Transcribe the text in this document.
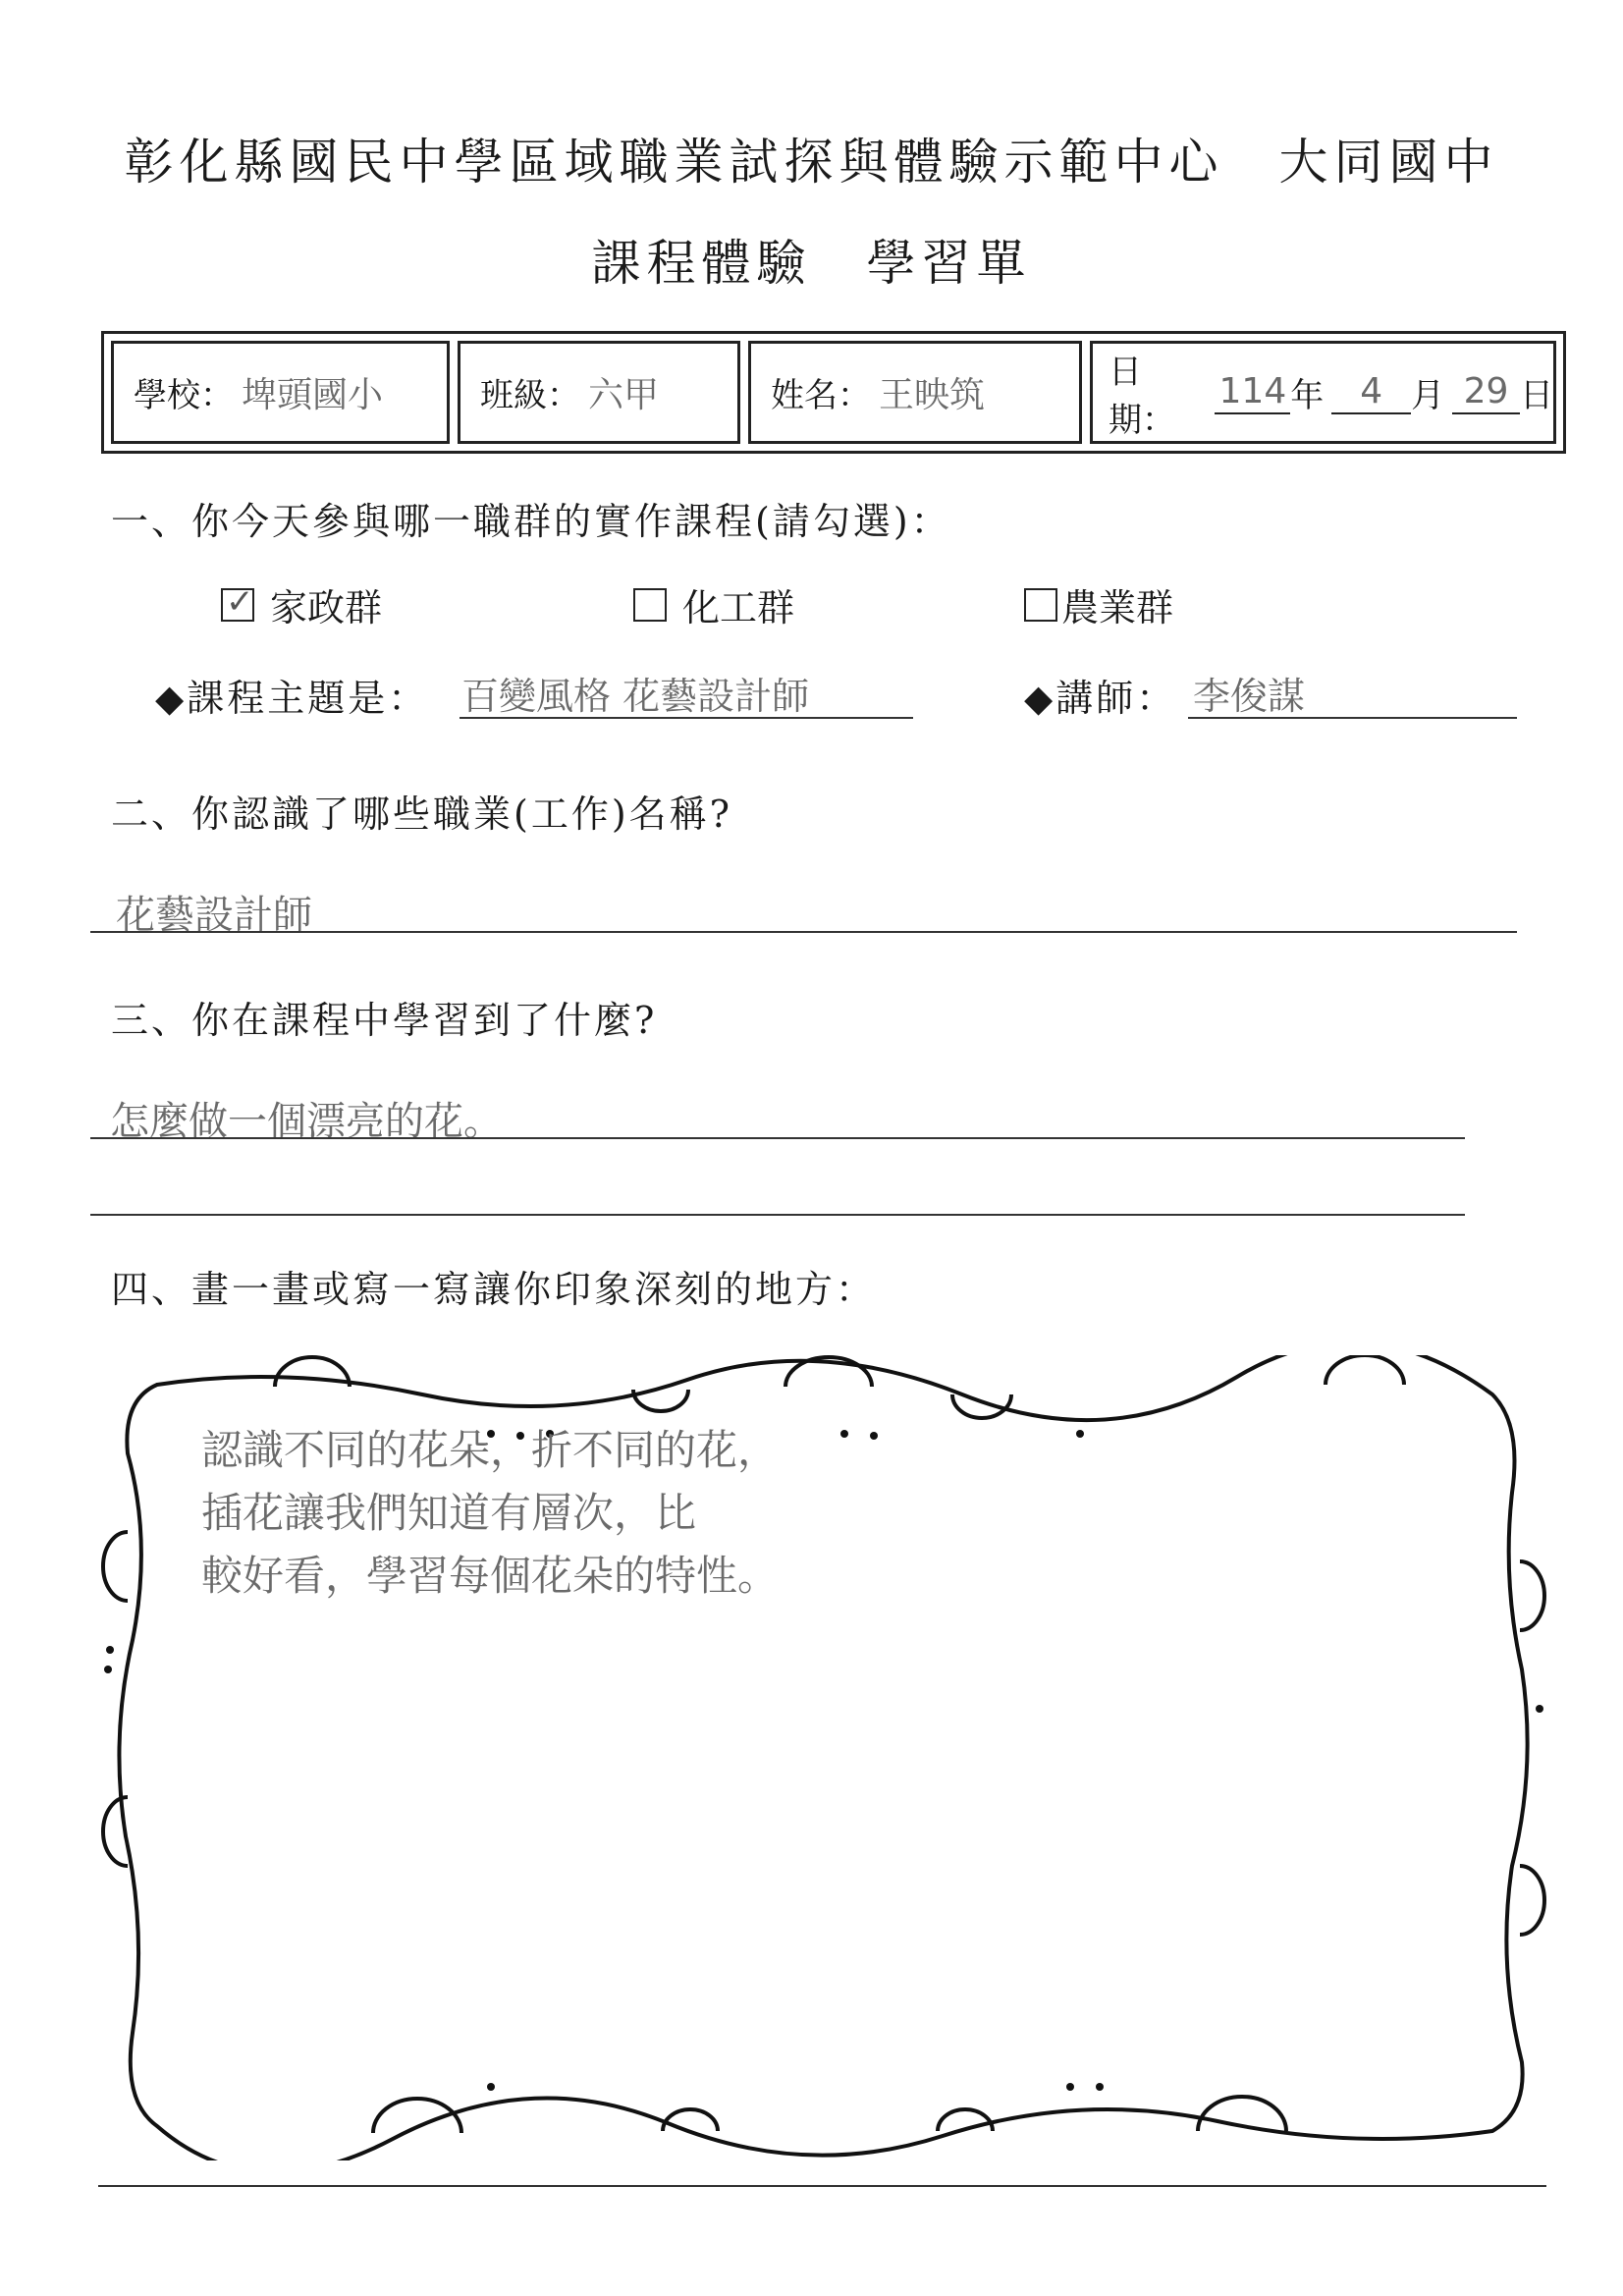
彰化縣國民中學區域職業試探與體驗示範中心　大同國中
課程體驗　學習單
學校： 埤頭國小	班級： 六甲	姓名： 王映筑
日期：
114 年	4 月 29 日
一、你今天參與哪一職群的實作課程(請勾選)：
✓ 家政群	化工群	農業群
◆課程主題是： 百變風格 花藝設計師	◆講師： 李俊謀
二、你認識了哪些職業(工作)名稱?
花藝設計師
三、你在課程中學習到了什麼?
怎麼做一個漂亮的花。
四、畫一畫或寫一寫讓你印象深刻的地方：
認識不同的花朵，折不同的花，
插花讓我們知道有層次，比
較好看，學習每個花朵的特性。
